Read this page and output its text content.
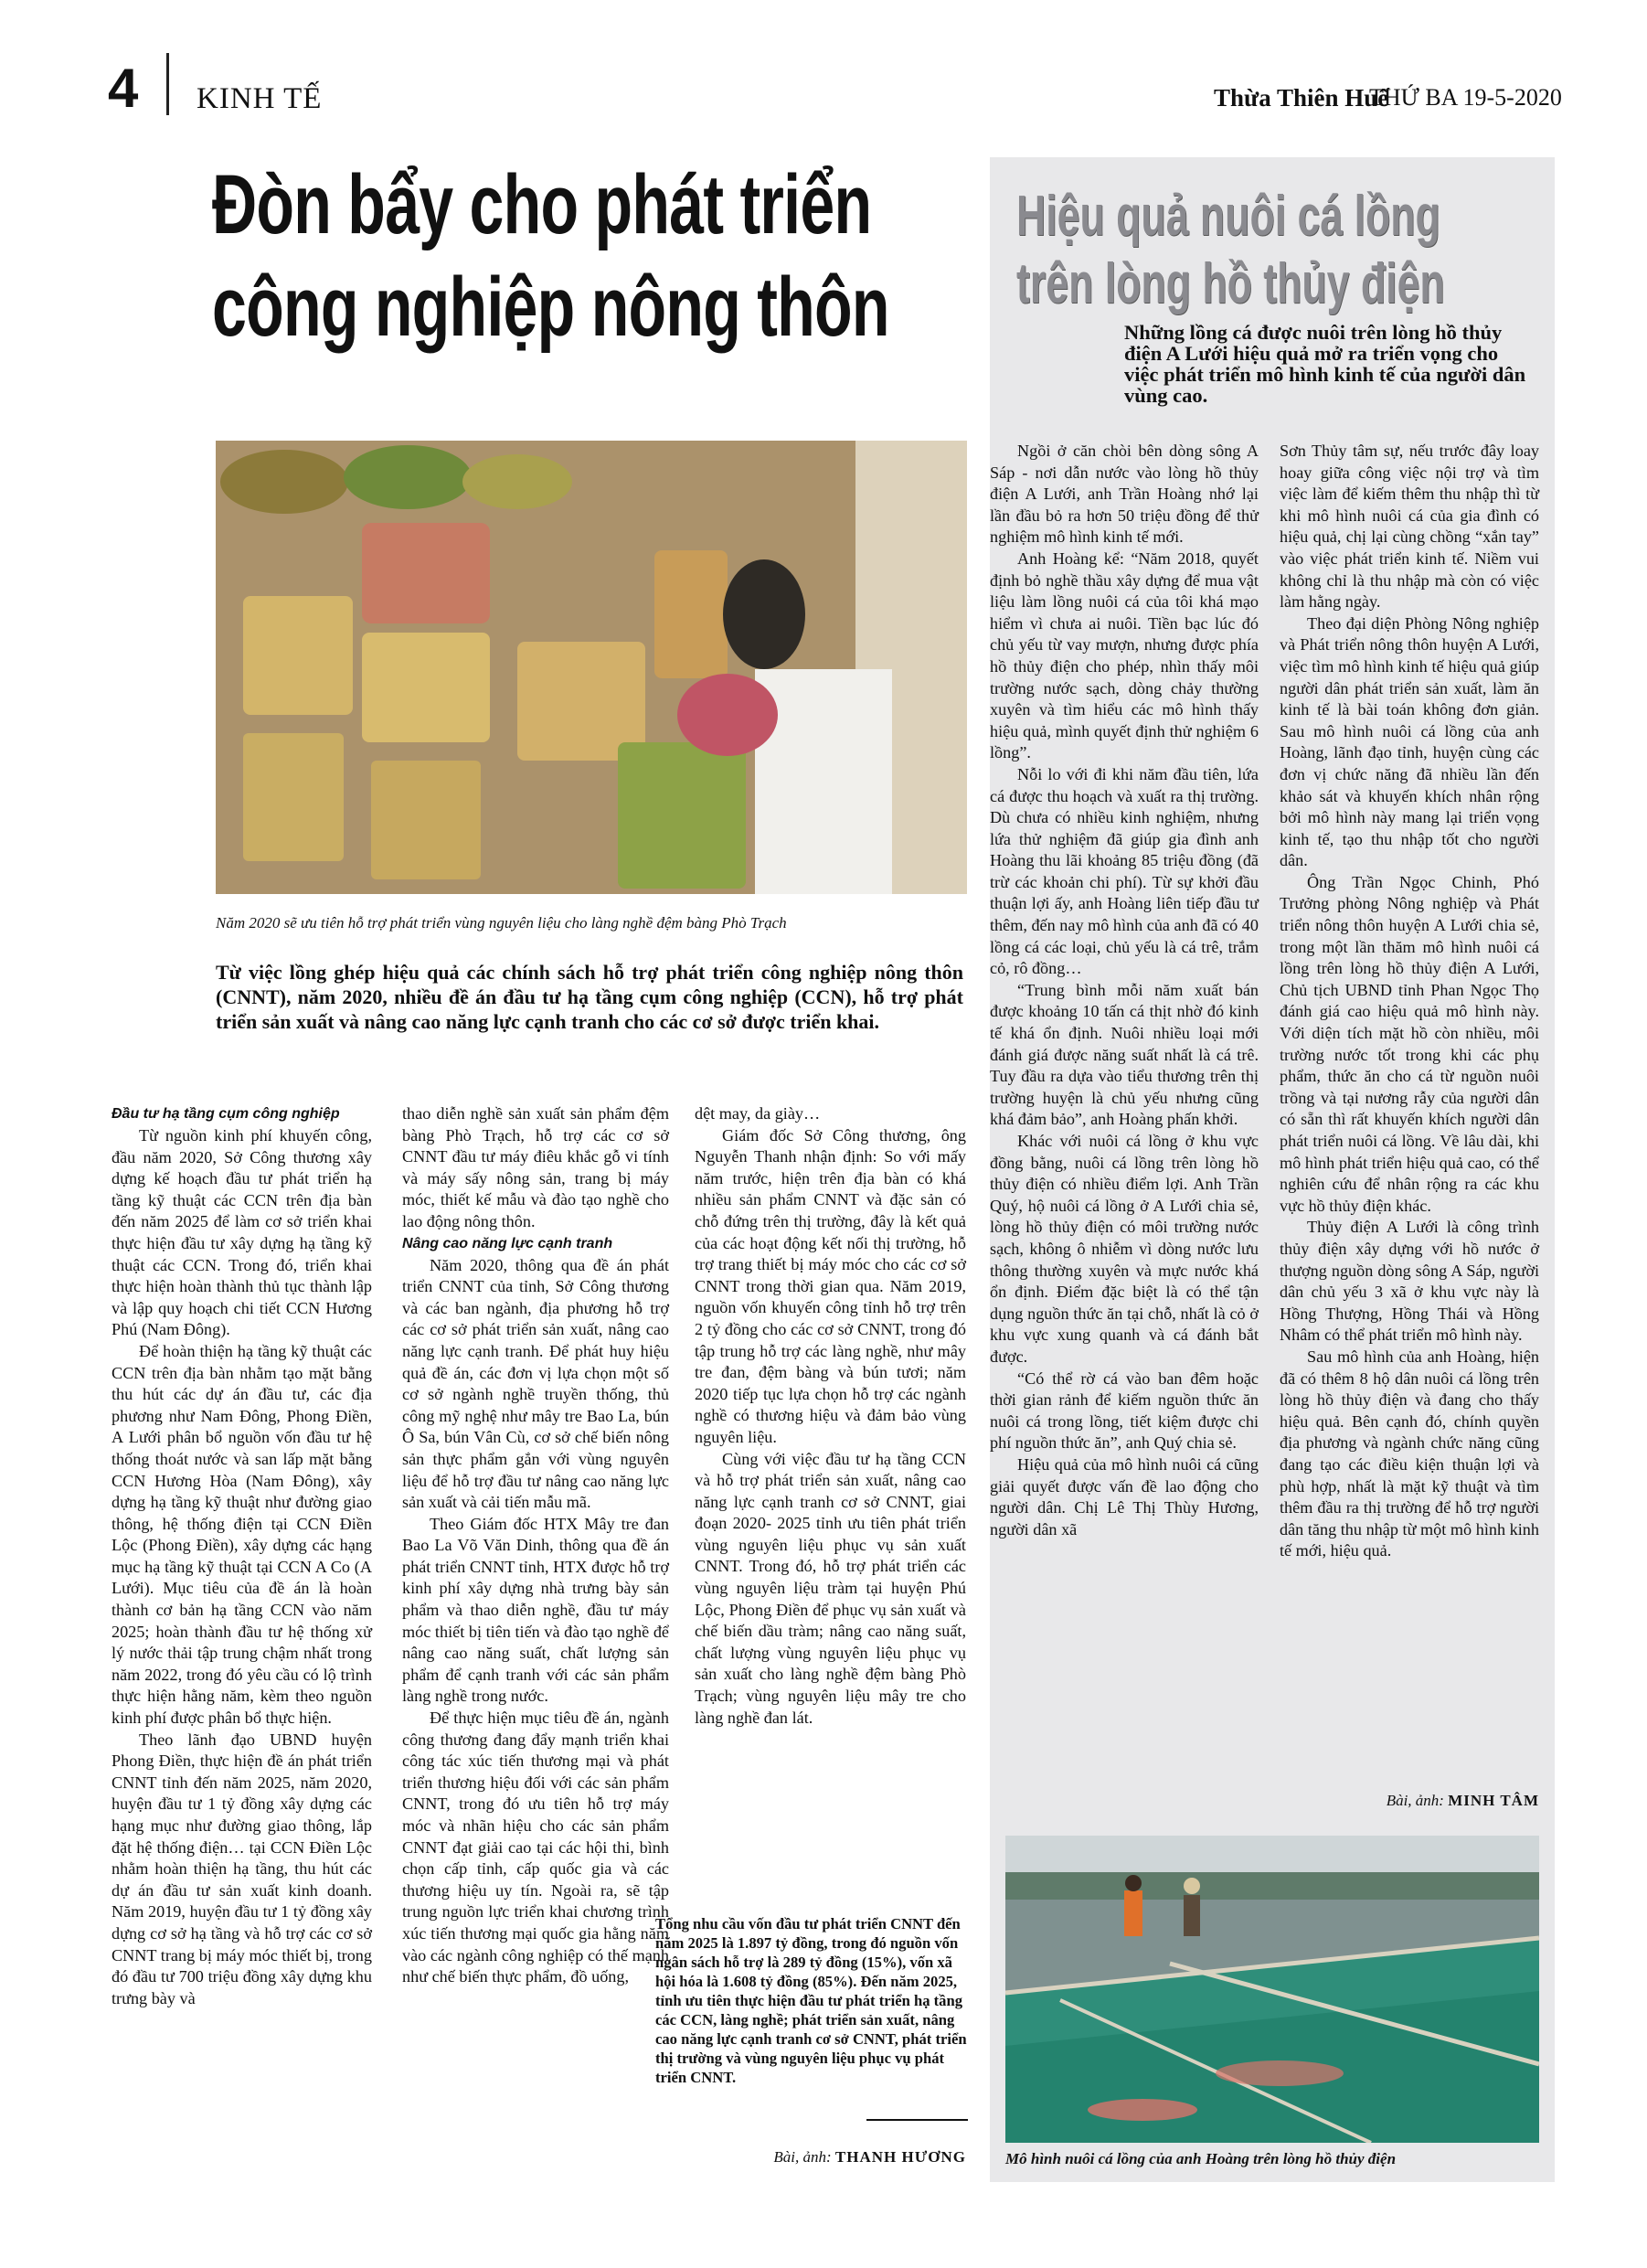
4 KINH TẾ	Thừa Thiên Huế
THỨ BA 19-5-2020
Đòn bẩy cho phát triển
công nghiệp nông thôn
Năm 2020 sẽ ưu tiên hỗ trợ phát triển vùng nguyên liệu cho làng nghề đệm bàng Phò Trạch
Từ việc lồng ghép hiệu quả các chính sách hỗ trợ phát triển công nghiệp nông thôn (CNNT), năm 2020, nhiều đề án đầu tư hạ tầng cụm công nghiệp (CCN), hỗ trợ phát triển sản xuất và nâng cao năng lực cạnh tranh cho các cơ sở được triển khai.
Đầu tư hạ tầng cụm công nghiệp

Từ nguồn kinh phí khuyến công, đầu năm 2020, Sở Công thương xây dựng kế hoạch đầu tư phát triển hạ tầng kỹ thuật các CCN trên địa bàn đến năm 2025 để làm cơ sở triển khai thực hiện đầu tư xây dựng hạ tầng kỹ thuật các CCN. Trong đó, triển khai thực hiện hoàn thành thủ tục thành lập và lập quy hoạch chi tiết CCN Hương Phú (Nam Đông).

Để hoàn thiện hạ tầng kỹ thuật các CCN trên địa bàn nhằm tạo mặt bằng thu hút các dự án đầu tư, các địa phương như Nam Đông, Phong Điền, A Lưới phân bổ nguồn vốn đầu tư hệ thống thoát nước và san lấp mặt bằng CCN Hương Hòa (Nam Đông), xây dựng hạ tầng kỹ thuật như đường giao thông, hệ thống điện tại CCN Điền Lộc (Phong Điền), xây dựng các hạng mục hạ tầng kỹ thuật tại CCN A Co (A Lưới). Mục tiêu của đề án là hoàn thành cơ bản hạ tầng CCN vào năm 2025; hoàn thành đầu tư hệ thống xử lý nước thải tập trung chậm nhất trong năm 2022, trong đó yêu cầu có lộ trình thực hiện hằng năm, kèm theo nguồn kinh phí được phân bổ thực hiện.

Theo lãnh đạo UBND huyện Phong Điền, thực hiện đề án phát triển CNNT tỉnh đến năm 2025, năm 2020, huyện đầu tư 1 tỷ đồng xây dựng các hạng mục như đường giao thông, lắp đặt hệ thống điện… tại CCN Điền Lộc nhằm hoàn thiện hạ tầng, thu hút các dự án đầu tư sản xuất kinh doanh. Năm 2019, huyện đầu tư 1 tỷ đồng xây dựng cơ sở hạ tầng và hỗ trợ các cơ sở CNNT trang bị máy móc thiết bị, trong đó đầu tư 700 triệu đồng xây dựng khu trưng bày và

thao diễn nghề sản xuất sản phẩm đệm bàng Phò Trạch, hỗ trợ các cơ sở CNNT đầu tư máy điêu khắc gỗ vi tính và máy sấy nông sản, trang bị máy móc, thiết kế mẫu và đào tạo nghề cho lao động nông thôn.

Nâng cao năng lực cạnh tranh

Năm 2020, thông qua đề án phát triển CNNT của tỉnh, Sở Công thương và các ban ngành, địa phương hỗ trợ các cơ sở phát triển sản xuất, nâng cao năng lực cạnh tranh. Để phát huy hiệu quả đề án, các đơn vị lựa chọn một số cơ sở ngành nghề truyền thống, thủ công mỹ nghệ như mây tre Bao La, bún Ô Sa, bún Vân Cù, cơ sở chế biến nông sản thực phẩm gắn với vùng nguyên liệu để hỗ trợ đầu tư nâng cao năng lực sản xuất và cải tiến mẫu mã.

Theo Giám đốc HTX Mây tre đan Bao La Võ Văn Dinh, thông qua đề án phát triển CNNT tỉnh, HTX được hỗ trợ kinh phí xây dựng nhà trưng bày sản phẩm và thao diễn nghề, đầu tư máy móc thiết bị tiên tiến và đào tạo nghề để nâng cao năng suất, chất lượng sản phẩm để cạnh tranh với các sản phẩm làng nghề trong nước.

Để thực hiện mục tiêu đề án, ngành công thương đang đẩy mạnh triển khai công tác xúc tiến thương mại và phát triển thương hiệu đối với các sản phẩm CNNT, trong đó ưu tiên hỗ trợ máy móc và nhãn hiệu cho các sản phẩm CNNT đạt giải cao tại các hội thi, bình chọn cấp tỉnh, cấp quốc gia và các thương hiệu uy tín. Ngoài ra, sẽ tập trung nguồn lực triển khai chương trình xúc tiến thương mại quốc gia hằng năm vào các ngành công nghiệp có thế mạnh như chế biến thực phẩm, đồ uống,

dệt may, da giày…

Giám đốc Sở Công thương, ông Nguyễn Thanh nhận định: So với mấy năm trước, hiện trên địa bàn có khá nhiều sản phẩm CNNT và đặc sản có chỗ đứng trên thị trường, đây là kết quả của các hoạt động kết nối thị trường, hỗ trợ trang thiết bị máy móc cho các cơ sở CNNT trong thời gian qua. Năm 2019, nguồn vốn khuyến công tỉnh hỗ trợ trên 2 tỷ đồng cho các cơ sở CNNT, trong đó tập trung hỗ trợ các làng nghề, như mây tre đan, đệm bàng và bún tươi; năm 2020 tiếp tục lựa chọn hỗ trợ các ngành nghề có thương hiệu và đảm bảo vùng nguyên liệu.

Cùng với việc đầu tư hạ tầng CCN và hỗ trợ phát triển sản xuất, nâng cao năng lực cạnh tranh cơ sở CNNT, giai đoạn 2020- 2025 tỉnh ưu tiên phát triển vùng nguyên liệu phục vụ sản xuất CNNT. Trong đó, hỗ trợ phát triển các vùng nguyên liệu tràm tại huyện Phú Lộc, Phong Điền để phục vụ sản xuất và chế biến dầu tràm; nâng cao năng suất, chất lượng vùng nguyên liệu phục vụ sản xuất cho làng nghề đệm bàng Phò Trạch; vùng nguyên liệu mây tre cho làng nghề đan lát.

Tổng nhu cầu vốn đầu tư phát triển CNNT đến năm 2025 là 1.897 tỷ đồng, trong đó nguồn vốn ngân sách hỗ trợ là 289 tỷ đồng (15%), vốn xã hội hóa là 1.608 tỷ đồng (85%). Đến năm 2025, tỉnh ưu tiên thực hiện đầu tư phát triển hạ tầng các CCN, làng nghề; phát triển sản xuất, nâng cao năng lực cạnh tranh cơ sở CNNT, phát triển thị trường và vùng nguyên liệu phục vụ phát triển CNNT.
Bài, ảnh: THANH HƯƠNG
Hiệu quả nuôi cá lồng
trên lòng hồ thủy điện
Những lồng cá được nuôi trên lòng hồ thủy điện A Lưới hiệu quả mở ra triển vọng cho việc phát triển mô hình kinh tế của người dân vùng cao.

Ngồi ở căn chòi bên dòng sông A Sáp - nơi dẫn nước vào lòng hồ thủy điện A Lưới, anh Trần Hoàng nhớ lại lần đầu bỏ ra hơn 50 triệu đồng để thử nghiệm mô hình kinh tế mới.

Anh Hoàng kể: “Năm 2018, quyết định bỏ nghề thầu xây dựng để mua vật liệu làm lồng nuôi cá của tôi khá mạo hiểm vì chưa ai nuôi. Tiền bạc lúc đó chủ yếu từ vay mượn, nhưng được phía hồ thủy điện cho phép, nhìn thấy môi trường nước sạch, dòng chảy thường xuyên và tìm hiểu các mô hình thấy hiệu quả, mình quyết định thử nghiệm 6 lồng”.

Nỗi lo với đi khi năm đầu tiên, lứa cá được thu hoạch và xuất ra thị trường. Dù chưa có nhiều kinh nghiệm, nhưng lứa thử nghiệm đã giúp gia đình anh Hoàng thu lãi khoảng 85 triệu đồng (đã trừ các khoản chi phí). Từ sự khởi đầu thuận lợi ấy, anh Hoàng liên tiếp đầu tư thêm, đến nay mô hình của anh đã có 40 lồng cá các loại, chủ yếu là cá trê, trắm cỏ, rô đồng…

“Trung bình mỗi năm xuất bán được khoảng 10 tấn cá thịt nhờ đó kinh tế khá ổn định. Nuôi nhiều loại mới đánh giá được năng suất nhất là cá trê. Tuy đầu ra dựa vào tiểu thương trên thị trường huyện là chủ yếu nhưng cũng khá đảm bảo”, anh Hoàng phấn khởi.

Khác với nuôi cá lồng ở khu vực đồng bằng, nuôi cá lồng trên lòng hồ thủy điện có nhiều điểm lợi. Anh Trần Quý, hộ nuôi cá lồng ở A Lưới chia sẻ, lòng hồ thủy điện có môi trường nước sạch, không ô nhiễm vì dòng nước lưu thông thường xuyên và mực nước khá ổn định. Điểm đặc biệt là có thể tận dụng nguồn thức ăn tại chỗ, nhất là cỏ ở khu vực xung quanh và cá đánh bắt được.

“Có thể rờ cá vào ban đêm hoặc thời gian rảnh để kiếm nguồn thức ăn nuôi cá trong lồng, tiết kiệm được chi phí nguồn thức ăn”, anh Quý chia sẻ.

Hiệu quả của mô hình nuôi cá cũng giải quyết được vấn đề lao động cho người dân. Chị Lê Thị Thùy Hương, người dân xã

Sơn Thủy tâm sự, nếu trước đây loay hoay giữa công việc nội trợ và tìm việc làm để kiếm thêm thu nhập thì từ khi mô hình nuôi cá của gia đình có hiệu quả, chị lại cùng chồng “xắn tay” vào việc phát triển kinh tế. Niềm vui không chỉ là thu nhập mà còn có việc làm hằng ngày.

Theo đại diện Phòng Nông nghiệp và Phát triển nông thôn huyện A Lưới, việc tìm mô hình kinh tế hiệu quả giúp người dân phát triển sản xuất, làm ăn kinh tế là bài toán không đơn giản. Sau mô hình nuôi cá lồng của anh Hoàng, lãnh đạo tỉnh, huyện cùng các đơn vị chức năng đã nhiều lần đến khảo sát và khuyến khích nhân rộng bởi mô hình này mang lại triển vọng kinh tế, tạo thu nhập tốt cho người dân.

Ông Trần Ngọc Chinh, Phó Trưởng phòng Nông nghiệp và Phát triển nông thôn huyện A Lưới chia sẻ, trong một lần thăm mô hình nuôi cá lồng trên lòng hồ thủy điện A Lưới, Chủ tịch UBND tỉnh Phan Ngọc Thọ đánh giá cao hiệu quả mô hình này. Với diện tích mặt hồ còn nhiều, môi trường nước tốt trong khi các phụ phẩm, thức ăn cho cá từ nguồn nuôi trồng và tại nương rẫy của người dân có sẵn thì rất khuyến khích người dân phát triển nuôi cá lồng. Về lâu dài, khi mô hình phát triển hiệu quả cao, có thể nghiên cứu để nhân rộng ra các khu vực hồ thủy điện khác.

Thủy điện A Lưới là công trình thủy điện xây dựng với hồ nước ở thượng nguồn dòng sông A Sáp, người dân chủ yếu 3 xã ở khu vực này là Hồng Thượng, Hồng Thái và Hồng Nhâm có thể phát triển mô hình này.

Sau mô hình của anh Hoàng, hiện đã có thêm 8 hộ dân nuôi cá lồng trên lòng hồ thủy điện và đang cho thấy hiệu quả. Bên cạnh đó, chính quyền địa phương và ngành chức năng cũng đang tạo các điều kiện thuận lợi và phù hợp, nhất là mặt kỹ thuật và tìm thêm đầu ra thị trường để hỗ trợ người dân tăng thu nhập từ một mô hình kinh tế mới, hiệu quả.

Bài, ảnh: MINH TÂM
Mô hình nuôi cá lồng của anh Hoàng trên lòng hồ thủy điện
